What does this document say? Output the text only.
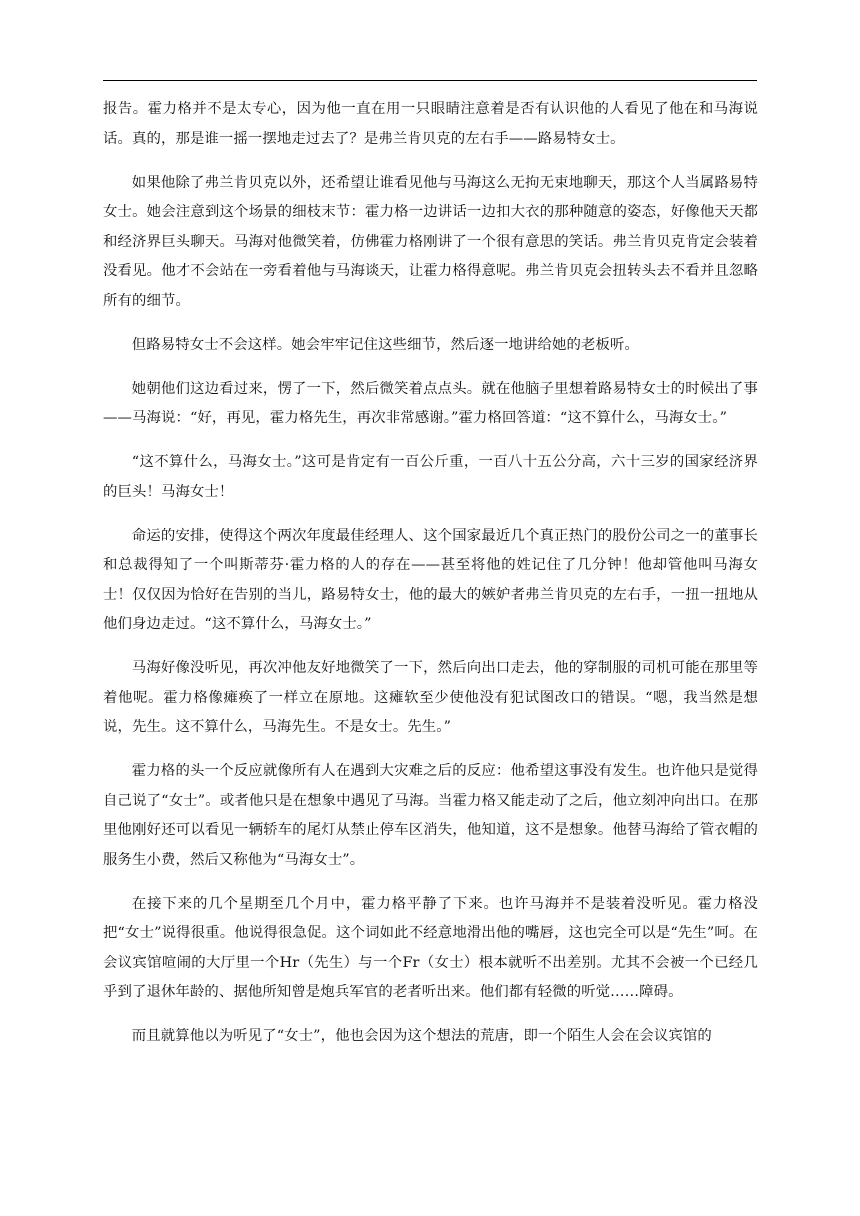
报告。霍力格并不是太专心，因为他一直在用一只眼睛注意着是否有认识他的人看见了他在和马海说话。真的，那是谁一摇一摆地走过去了？是弗兰肯贝克的左右手——路易特女士。

如果他除了弗兰肯贝克以外，还希望让谁看见他与马海这么无拘无束地聊天，那这个人当属路易特女士。她会注意到这个场景的细枝末节：霍力格一边讲话一边扣大衣的那种随意的姿态，好像他天天都和经济界巨头聊天。马海对他微笑着，仿佛霍力格刚讲了一个很有意思的笑话。弗兰肯贝克肯定会装着没看见。他才不会站在一旁看着他与马海谈天，让霍力格得意呢。弗兰肯贝克会扭转头去不看并且忽略所有的细节。

但路易特女士不会这样。她会牢牢记住这些细节，然后逐一地讲给她的老板听。

她朝他们这边看过来，愣了一下，然后微笑着点点头。就在他脑子里想着路易特女士的时候出了事——马海说：“好，再见，霍力格先生，再次非常感谢。”霍力格回答道：“这不算什么，马海女士。”

“这不算什么，马海女士。”这可是肯定有一百公斤重，一百八十五公分高，六十三岁的国家经济界的巨头！马海女士！

命运的安排，使得这个两次年度最佳经理人、这个国家最近几个真正热门的股份公司之一的董事长和总裁得知了一个叫斯蒂芬·霍力格的人的存在——甚至将他的姓记住了几分钟！他却管他叫马海女士！仅仅因为恰好在告别的当儿，路易特女士，他的最大的嫉妒者弗兰肯贝克的左右手，一扭一扭地从他们身边走过。“这不算什么，马海女士。”

马海好像没听见，再次冲他友好地微笑了一下，然后向出口走去，他的穿制服的司机可能在那里等着他呢。霍力格像瘫痪了一样立在原地。这瘫软至少使他没有犯试图改口的错误。“嗯，我当然是想说，先生。这不算什么，马海先生。不是女士。先生。”

霍力格的头一个反应就像所有人在遇到大灾难之后的反应：他希望这事没有发生。也许他只是觉得自己说了“女士”。或者他只是在想象中遇见了马海。当霍力格又能走动了之后，他立刻冲向出口。在那里他刚好还可以看见一辆轿车的尾灯从禁止停车区消失，他知道，这不是想象。他替马海给了管衣帽的服务生小费，然后又称他为“马海女士”。

在接下来的几个星期至几个月中，霍力格平静了下来。也许马海并不是装着没听见。霍力格没把“女士”说得很重。他说得很急促。这个词如此不经意地滑出他的嘴唇，这也完全可以是“先生”呵。在会议宾馆喧闹的大厅里一个Hr（先生）与一个Fr（女士）根本就听不出差别。尤其不会被一个已经几乎到了退休年龄的、据他所知曾是炮兵军官的老者听出来。他们都有轻微的听觉……障碍。

而且就算他以为听见了“女士”，他也会因为这个想法的荒唐，即一个陌生人会在会议宾馆的
